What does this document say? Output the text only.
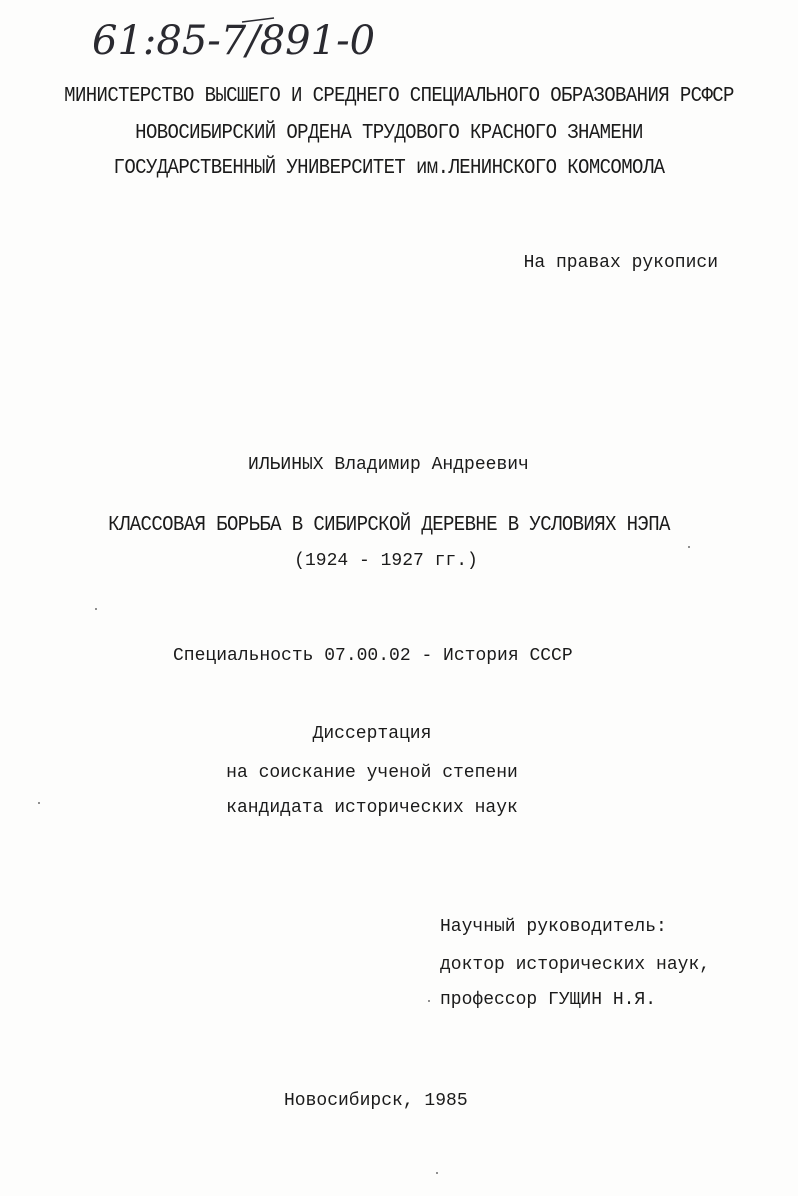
61:85-7/891-0
МИНИСТЕРСТВО ВЫСШЕГО И СРЕДНЕГО СПЕЦИАЛЬНОГО ОБРАЗОВАНИЯ РСФСР
НОВОСИБИРСКИЙ ОРДЕНА ТРУДОВОГО КРАСНОГО ЗНАМЕНИ
ГОСУДАРСТВЕННЫЙ УНИВЕРСИТЕТ им.ЛЕНИНСКОГО КОМСОМОЛА
На правах рукописи
ИЛЬИНЫХ Владимир Андреевич
КЛАССОВАЯ БОРЬБА В СИБИРСКОЙ ДЕРЕВНЕ В УСЛОВИЯХ НЭПА
(1924 - 1927 гг.)
Специальность 07.00.02 - История СССР
Диссертация
на соискание ученой степени
кандидата исторических наук
Научный руководитель:
доктор исторических наук,
профессор ГУЩИН Н.Я.
Новосибирск, 1985
